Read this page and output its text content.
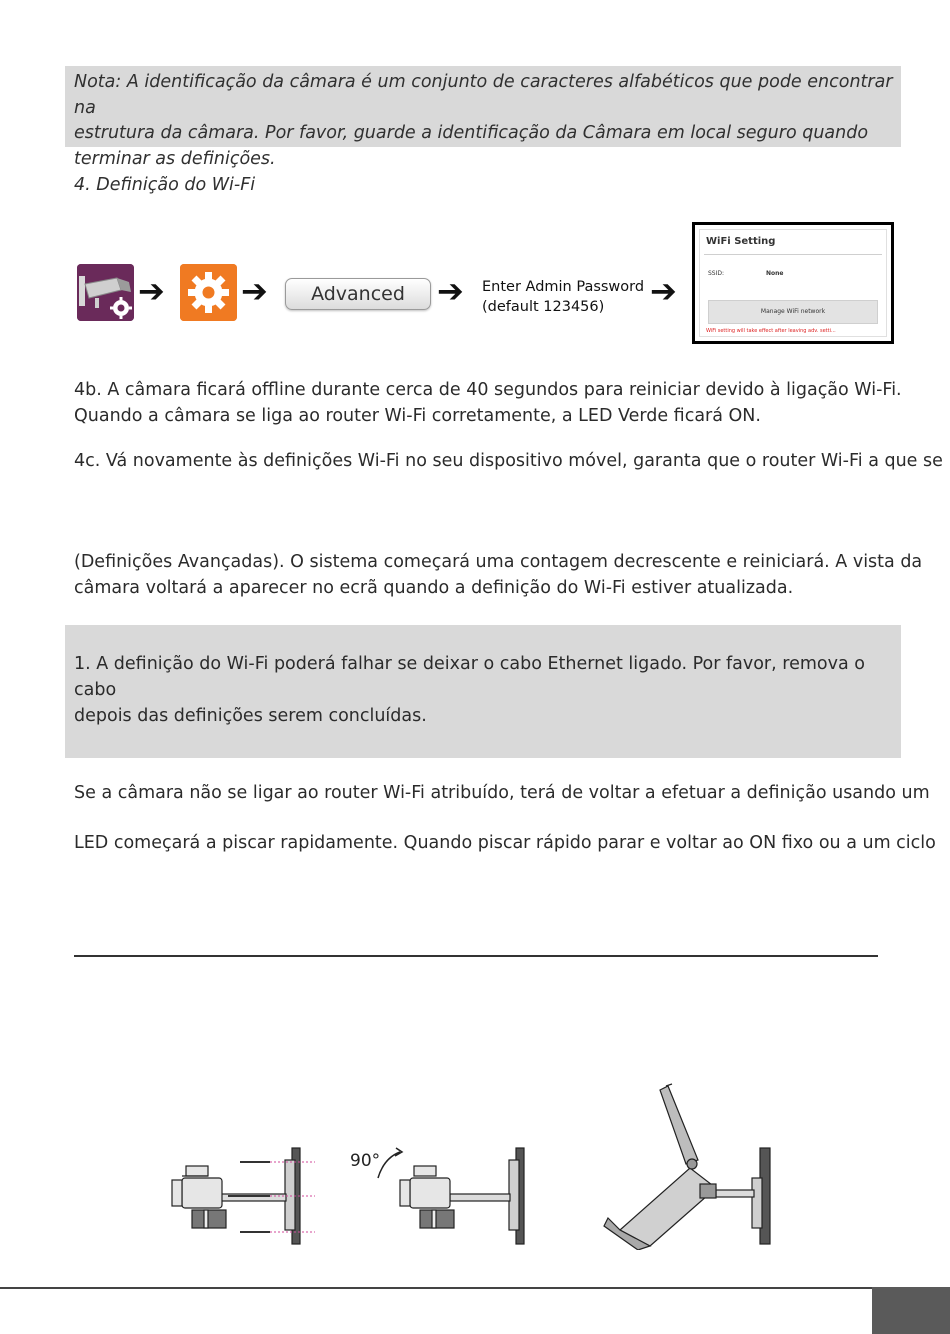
Nota: A identificação da câmara é um conjunto de caracteres alfabéticos que pode encontrar na
estrutura da câmara. Por favor, guarde a identificação da Câmara em local seguro quando
terminar as definições.

4. Definição do Wi-Fi
➔ ➔	Advanced	➔ Enter Admin Password
(default 123456)	➔
WiFi Setting
SSID:	None
Manage WiFi network
WiFi setting will take effect after leaving adv. setti...
4b. A câmara ficará offline durante cerca de 40 segundos para reiniciar devido à ligação Wi-Fi.
Quando a câmara se liga ao router Wi-Fi corretamente, a LED Verde ficará ON.
4c. Vá novamente às definições Wi-Fi no seu dispositivo móvel, garanta que o router Wi-Fi a que se
(Definições Avançadas). O sistema começará uma contagem decrescente e reiniciará. A vista da
câmara voltará a aparecer no ecrã quando a definição do Wi-Fi estiver atualizada.

1. A definição do Wi-Fi poderá falhar se deixar o cabo Ethernet ligado. Por favor, remova o cabo
depois das definições serem concluídas.

Se a câmara não se ligar ao router Wi-Fi atribuído, terá de voltar a efetuar a definição usando um
LED começará a piscar rapidamente. Quando piscar rápido parar e voltar ao ON fixo ou a um ciclo
90°
